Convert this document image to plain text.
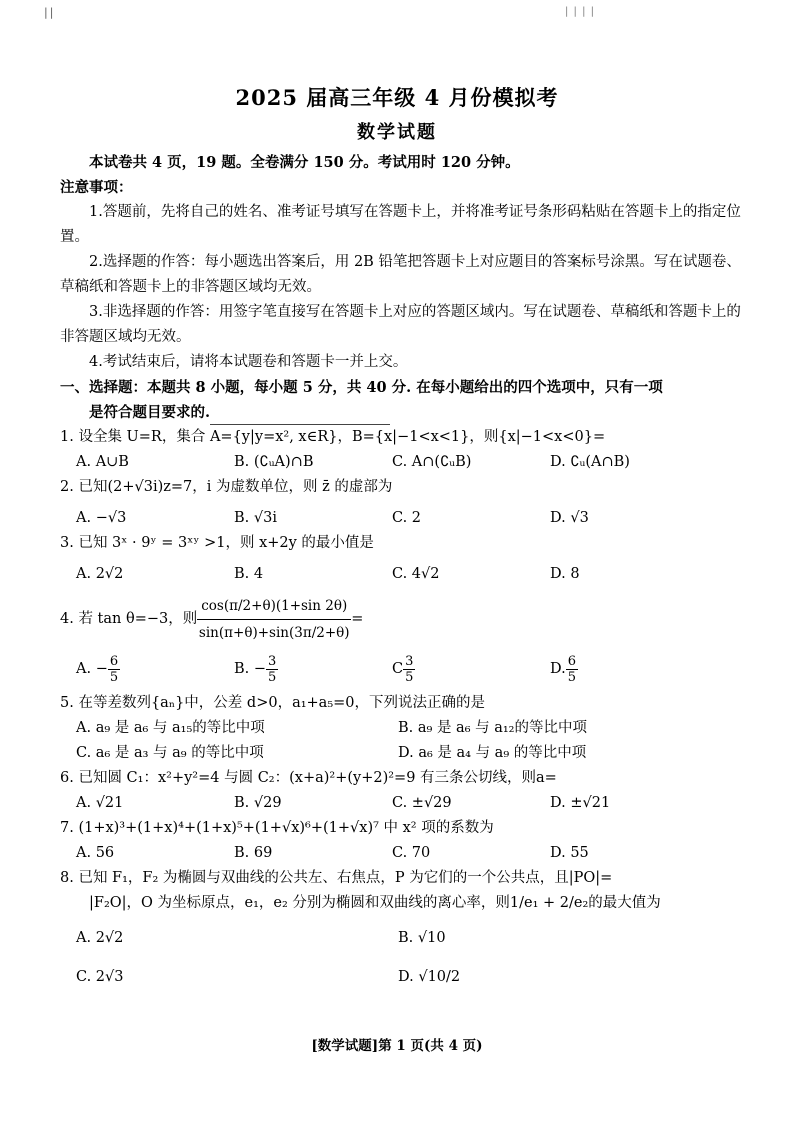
||	| | | |
2025 届高三年级 4 月份模拟考
数学试题

本试卷共 4 页，19 题。全卷满分 150 分。考试用时 120 分钟。

注意事项：

1.答题前，先将自己的姓名、准考证号填写在答题卡上，并将准考证号条形码粘贴在答题卡上的指定位置。

2.选择题的作答：每小题选出答案后，用 2B 铅笔把答题卡上对应题目的答案标号涂黑。写在试题卷、草稿纸和答题卡上的非答题区域均无效。

3.非选择题的作答：用签字笔直接写在答题卡上对应的答题区域内。写在试题卷、草稿纸和答题卡上的非答题区域均无效。

4.考试结束后，请将本试题卷和答题卡一并上交。

一、选择题：本题共 8 小题，每小题 5 分，共 40 分. 在每小题给出的四个选项中，只有一项

是符合题目要求的.

1. 设全集 U=R，集合 A={y|y=x², x∈R}，B={x|−1<x<1}，则{x|−1<x<0}=

A. A∪B	B. (∁ᵤA)∩B	C. A∩(∁ᵤB)	D. ∁ᵤ(A∩B)

2. 已知(2+√3i)z=7，i 为虚数单位，则 z̄ 的虚部为

A. −√3	B. √3i	C. 2	D. √3

3. 已知 3ˣ · 9ʸ = 3ˣʸ >1，则 x+2y 的最小值是

A. 2√2	B. 4	C. 4√2	D. 8
4. 若 tan θ=−3，则 $\frac{\cos(\pi/2+\theta)(1+\sin 2\theta)}{\sin(\pi+\theta)+\sin(3\pi/2+\theta)}$ =
A. − $\frac{6}{5}$	B. − $\frac{3}{5}$	C $\frac{3}{5}$	D. $\frac{6}{5}$

5. 在等差数列{aₙ}中，公差 d>0，a₁+a₅=0，下列说法正确的是

A. a₉ 是 a₆ 与 a₁₅的等比中项	B. a₉ 是 a₆ 与 a₁₂的等比中项
C. a₆ 是 a₃ 与 a₉ 的等比中项	D. a₆ 是 a₄ 与 a₉ 的等比中项

6. 已知圆 C₁：x²+y²=4 与圆 C₂：(x+a)²+(y+2)²=9 有三条公切线，则a=

A. √21	B. √29	C. ±√29	D. ±√21

7. (1+x)³+(1+x)⁴+(1+x)⁵+(1+√x)⁶+(1+√x)⁷ 中 x² 项的系数为

A. 56	B. 69	C. 70	D. 55

8. 已知 F₁，F₂ 为椭圆与双曲线的公共左、右焦点，P 为它们的一个公共点，且|PO|=

|F₂O|，O 为坐标原点，e₁，e₂ 分别为椭圆和双曲线的离心率，则1/e₁ + 2/e₂的最大值为

A. 2√2	B. √10
C. 2√3	D. √10/2
[数学试题]第 1 页(共 4 页)
